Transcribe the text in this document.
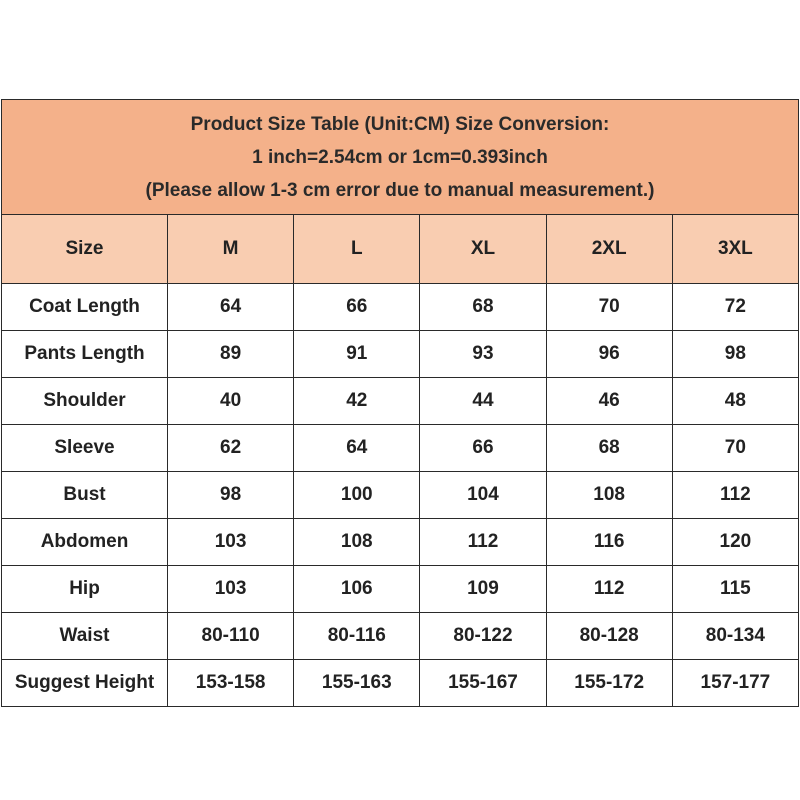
Product Size Table (Unit:CM) Size Conversion:
1 inch=2.54cm or 1cm=0.393inch
(Please allow 1-3 cm error due to manual measurement.)					

Size	M	L	XL	2XL	3XL
Coat Length	64	66	68	70	72
Pants Length	89	91	93	96	98
Shoulder	40	42	44	46	48
Sleeve	62	64	66	68	70
Bust	98	100	104	108	112
Abdomen	103	108	112	116	120
Hip	103	106	109	112	115
Waist	80-110	80-116	80-122	80-128	80-134
Suggest Height	153-158	155-163	155-167	155-172	157-177
